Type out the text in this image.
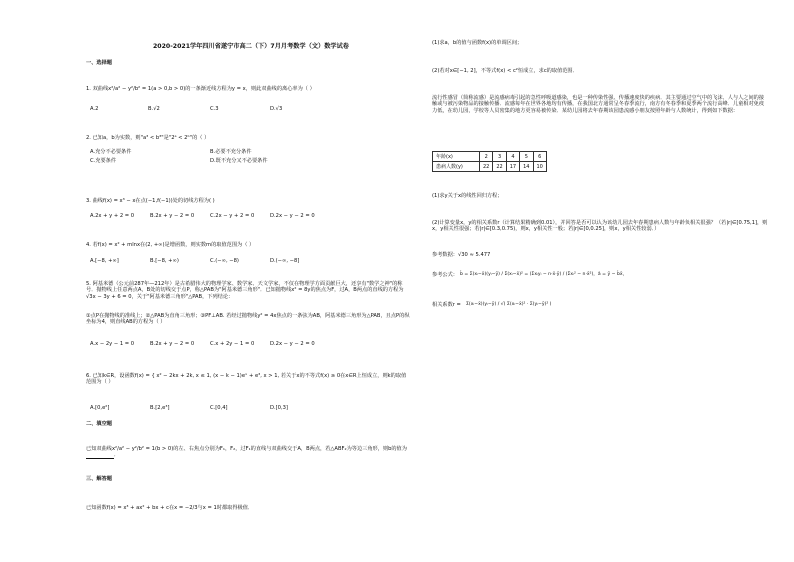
2020-2021学年四川省遂宁市高二（下）7月月考数学（文）数学试卷
一、选择题
1. 双曲线x²/a² − y²/b² = 1(a > 0,b > 0)的一条渐近线方程为y = x，则此双曲线的离心率为（ ）
A.2	B.√2	C.3	D.√3
2. 已知a，b为实数，则"a³ < b³"是"2ᵃ < 2ᵇ"的（ ）
A.充分不必要条件	B.必要不充分条件
C.充要条件	D.既不充分又不必要条件
3. 曲线f(x) = x³ − x在点(−1,f(−1))处的切线方程为( )
A.2x + y + 2 = 0	B.2x + y − 2 = 0	C.2x − y + 2 = 0	D.2x − y − 2 = 0
4. 若f(x) = x² + mlnx在(2, +∞)是增函数，则实数m的取值范围为（ ）
A.[−8, +∞]	B.[−8, +∞)	C.(−∞, −8)	D.(−∞, −8]
5. 阿基米德（公元前287年—212年）是古希腊伟大的物理学家、数学家、天文学家，不仅在物理学方面贡献巨大，还享有"数学之神"的称号．抛物线上任意两点A，B处的切线交于点P，称△PAB为"阿基米德三角形"．已知抛物线x² = 8y的焦点为F，过A，B两点的直线的方程为√3x − 3y + 6 = 0，关于"阿基米德三角形"△PAB，下列结论：
①点P在抛物线的准线上；②△PAB为直角三角形；③PF⊥AB. 若经过抛物线y² = 4x焦点的一条弦为AB，阿基米德三角形为△PAB，且点P的纵坐标为4，则直线AB的方程为（ ）
A.x − 2y − 1 = 0	B.2x + y − 2 = 0	C.x + 2y − 1 = 0	D.2x − y − 2 = 0
6. 已知k∈R，设函数f(x) = { x² − 2kx + 2k, x ≤ 1, (x − k − 1)eˣ + e³, x > 1, 若关于x的不等式f(x) ≥ 0在x∈R上恒成立，则k的取值范围为（ ）
A.[0,e²]	B.[2,e³]	C.[0,4]	D.[0,3]
二、填空题
已知双曲线x²/a² − y²/b² = 1(b > 0)的左、右焦点分别为F₁，F₂，过F₁的直线与双曲线交于A，B两点，若△ABF₂为等边三角形，则b的值为．
三、解答题
已知函数f(x) = x³ + ax² + bx + c在x = −2/3与x = 1时都取得极值．
(1)求a，b的值与函数f(x)的单调区间；
(2)若对x∈[−1, 2]，不等式f(x) < c²恒成立，求c的取值范围．
流行性感冒（简称流感）是流感病毒引起的急性呼吸道感染，也是一种传染性强、传播速度快的疾病．其主要通过空气中的飞沫、人与人之间的接触或与被污染物品的接触传播．流感每年在世界各地均有传播，在我国北方通常呈冬春季流行，南方有冬春季和夏季两个流行高峰．儿童相对免疫力低，在幼儿园，学校等人员密集的地方更容易被传染．某幼儿园将去年春期该园患流感小朋友按照年龄与人数统计，得到如下数据：
年龄(x)	2	3	4	5	6
患病人数(y)	22	22	17	14	10
(1)求y关于x的线性回归方程；
(2)计算变量x，y的相关系数r（计算结果精确到0.01），并回答是否可以认为该幼儿园去年春期患病人数与年龄负相关很强？（若|r|∈[0.75,1]，则x，y相关性很强；若|r|∈[0.3,0.75)，则x，y相关性一般；若|r|∈[0,0.25]，则x，y相关性较弱．）
参考数据：√30 ≈ 5.477
参考公式： b̂ = Σ(xᵢ−x̄)(yᵢ−ȳ) / Σ(xᵢ−x̄)² = (Σxᵢyᵢ − n·x̄·ȳ) / (Σxᵢ² − n·x̄²)，â = ȳ − b̂x̄，
相关系数r = Σ(xᵢ−x̄)(yᵢ−ȳ) / √( Σ(xᵢ−x̄)² · Σ(yᵢ−ȳ)² )
